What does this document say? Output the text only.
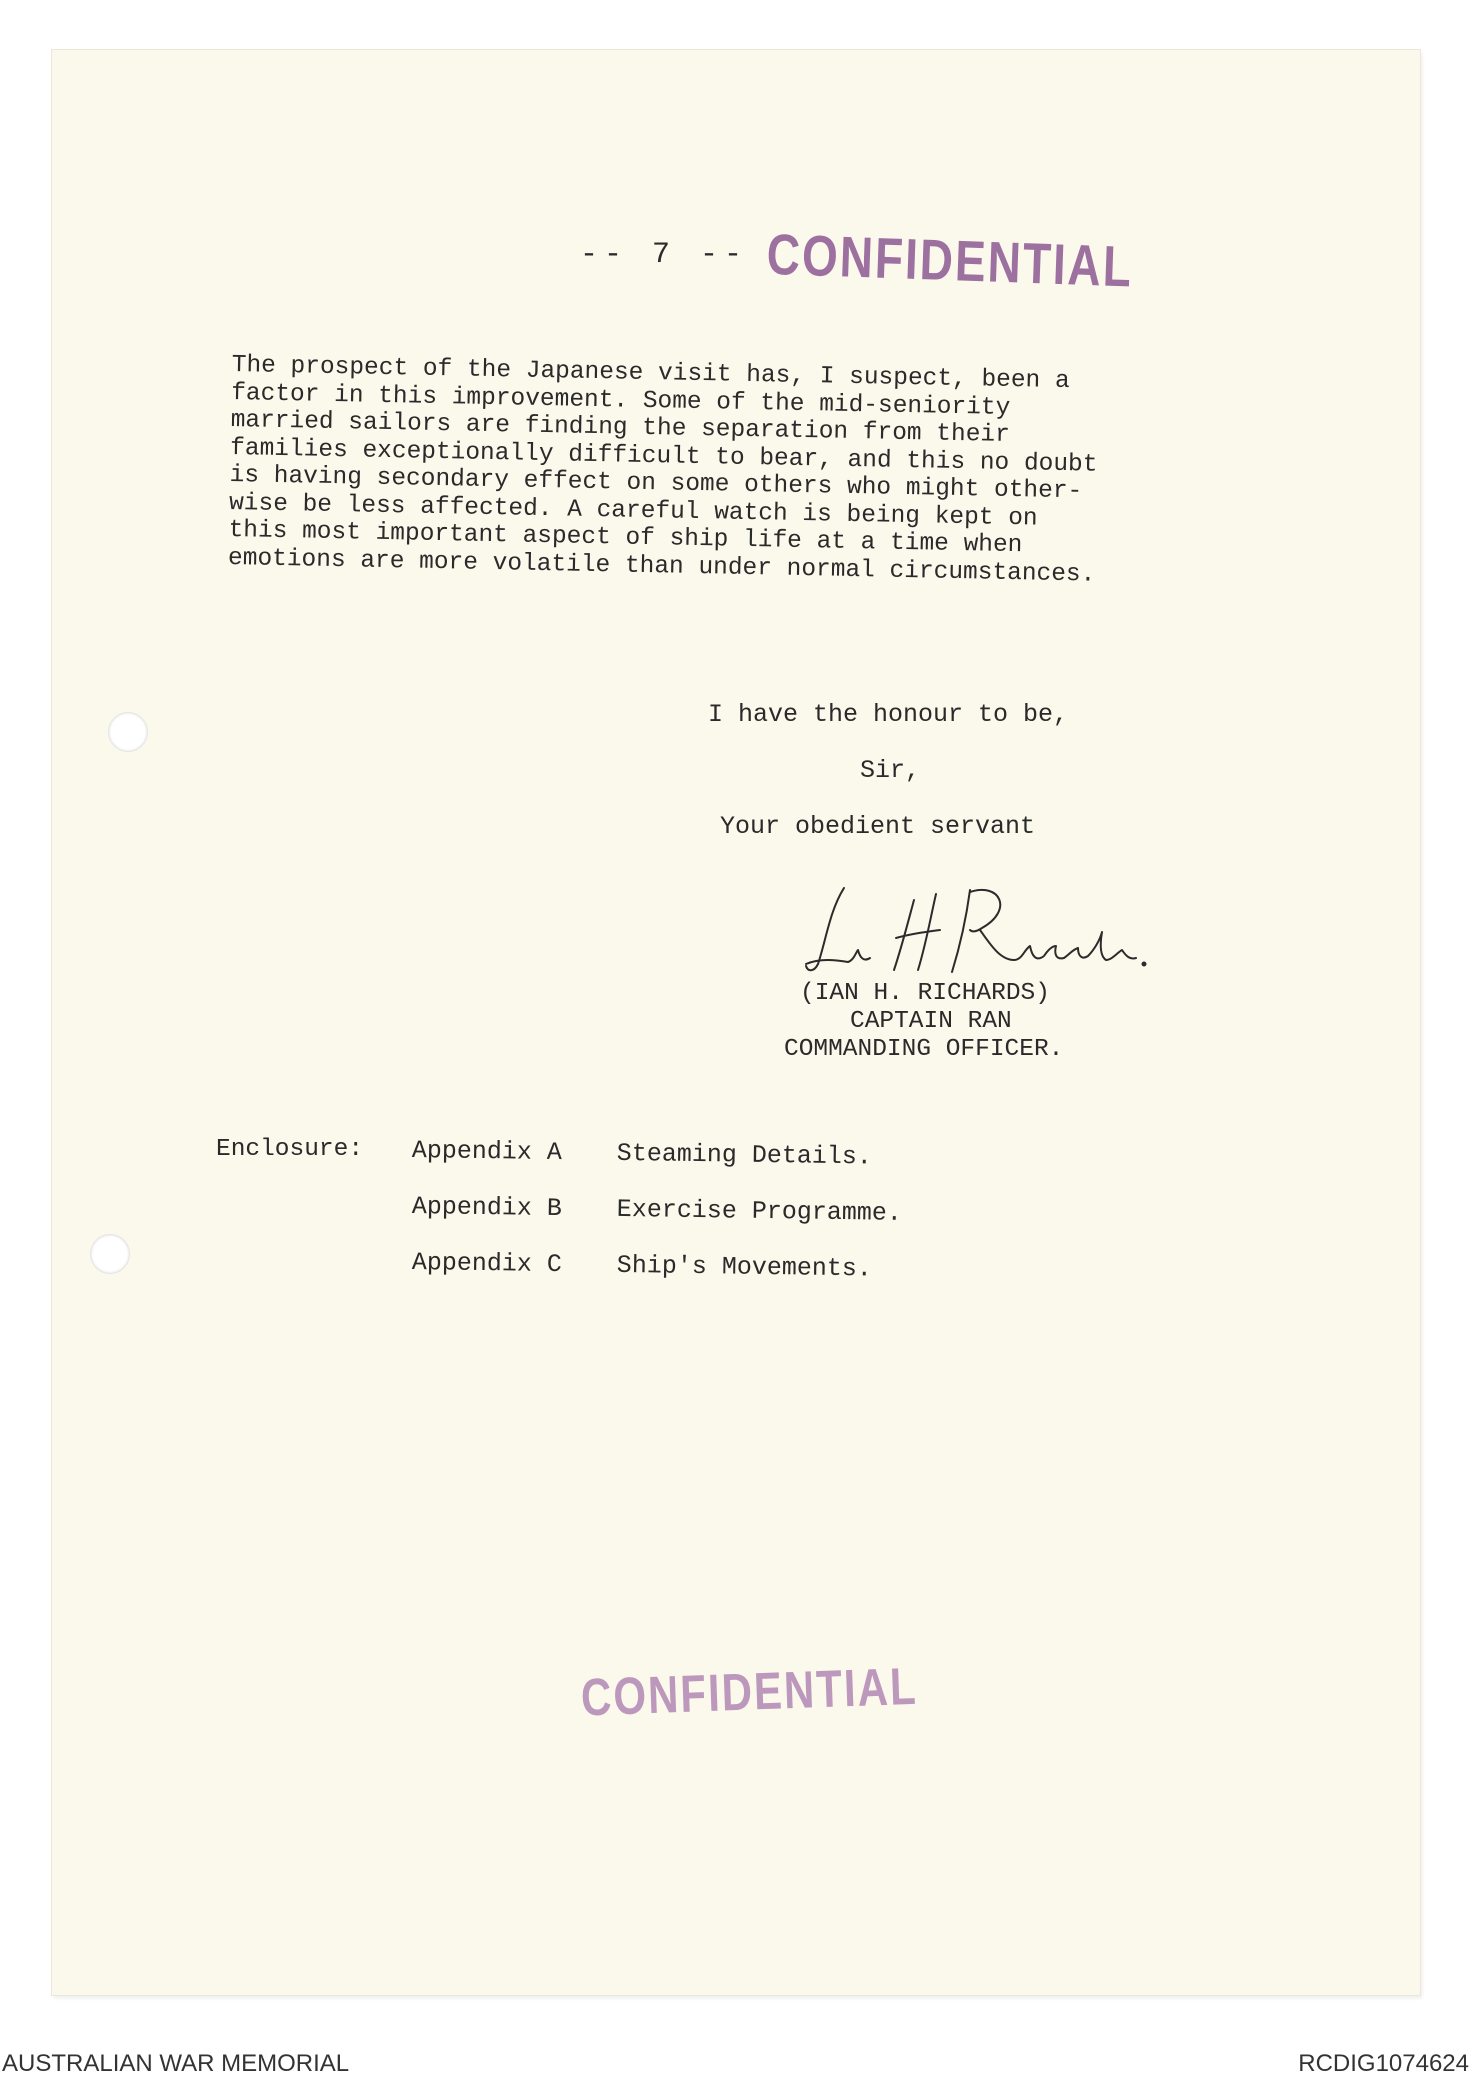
-- 7 -- CONFIDENTIAL

The prospect of the Japanese visit has, I suspect, been a
factor in this improvement. Some of the mid-seniority
married sailors are finding the separation from their
families exceptionally difficult to bear, and this no doubt
is having secondary effect on some others who might other-
wise be less affected. A careful watch is being kept on
this most important aspect of ship life at a time when
emotions are more volatile than under normal circumstances.

I have the honour to be,

Sir,

Your obedient servant

(IAN H. RICHARDS)

CAPTAIN RAN

COMMANDING OFFICER.

Enclosure: Appendix A	Steaming Details.
Appendix B	Exercise Programme.
Appendix C	Ship's Movements.
CONFIDENTIAL

AUSTRALIAN WAR MEMORIAL	RCDIG1074624
